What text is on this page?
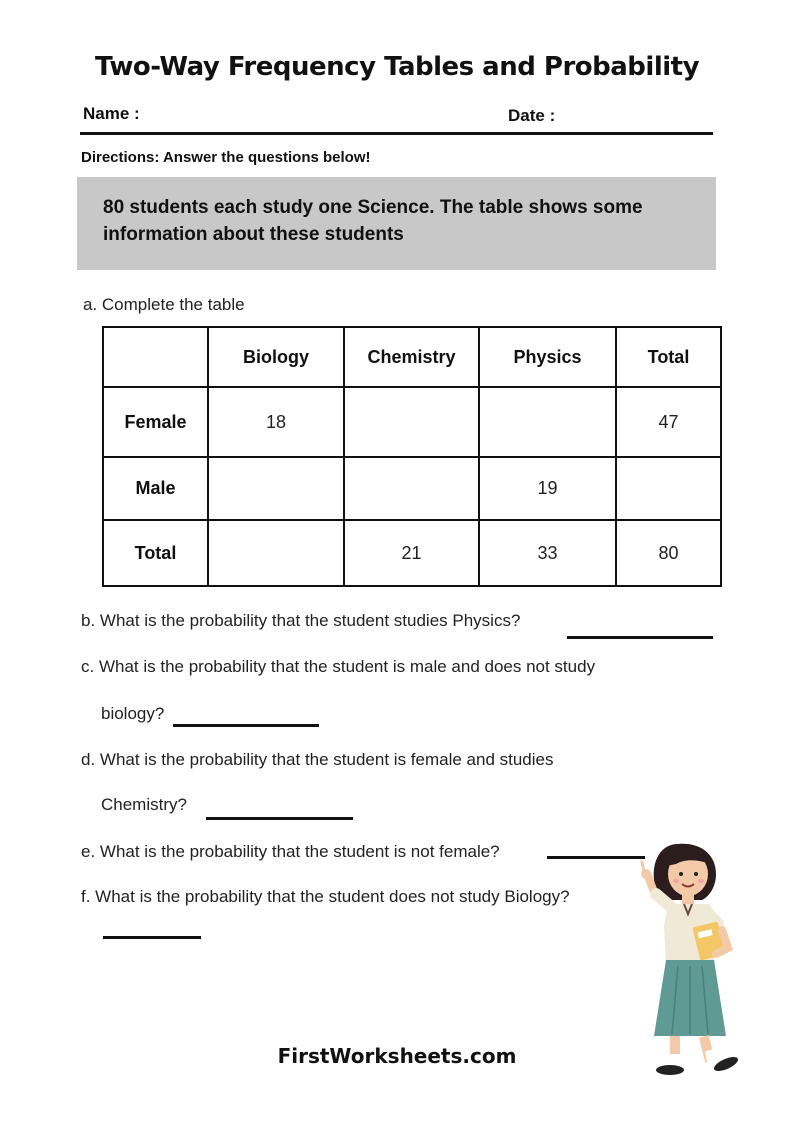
Two-Way Frequency Tables and Probability
Name :	Date :
Directions: Answer the questions below!
80 students each study one Science. The table shows some information about these students
a. Complete the table
	Biology	Chemistry	Physics	Total
Female	18			47
Male			19	
Total		21	33	80
b. What is the probability that the student studies Physics?
c. What is the probability that the student is male and does not study
biology?
d. What is the probability that the student is female and studies
Chemistry?
e. What is the probability that the student is not female?
f. What is the probability that the student does not study Biology?
FirstWorksheets.com
